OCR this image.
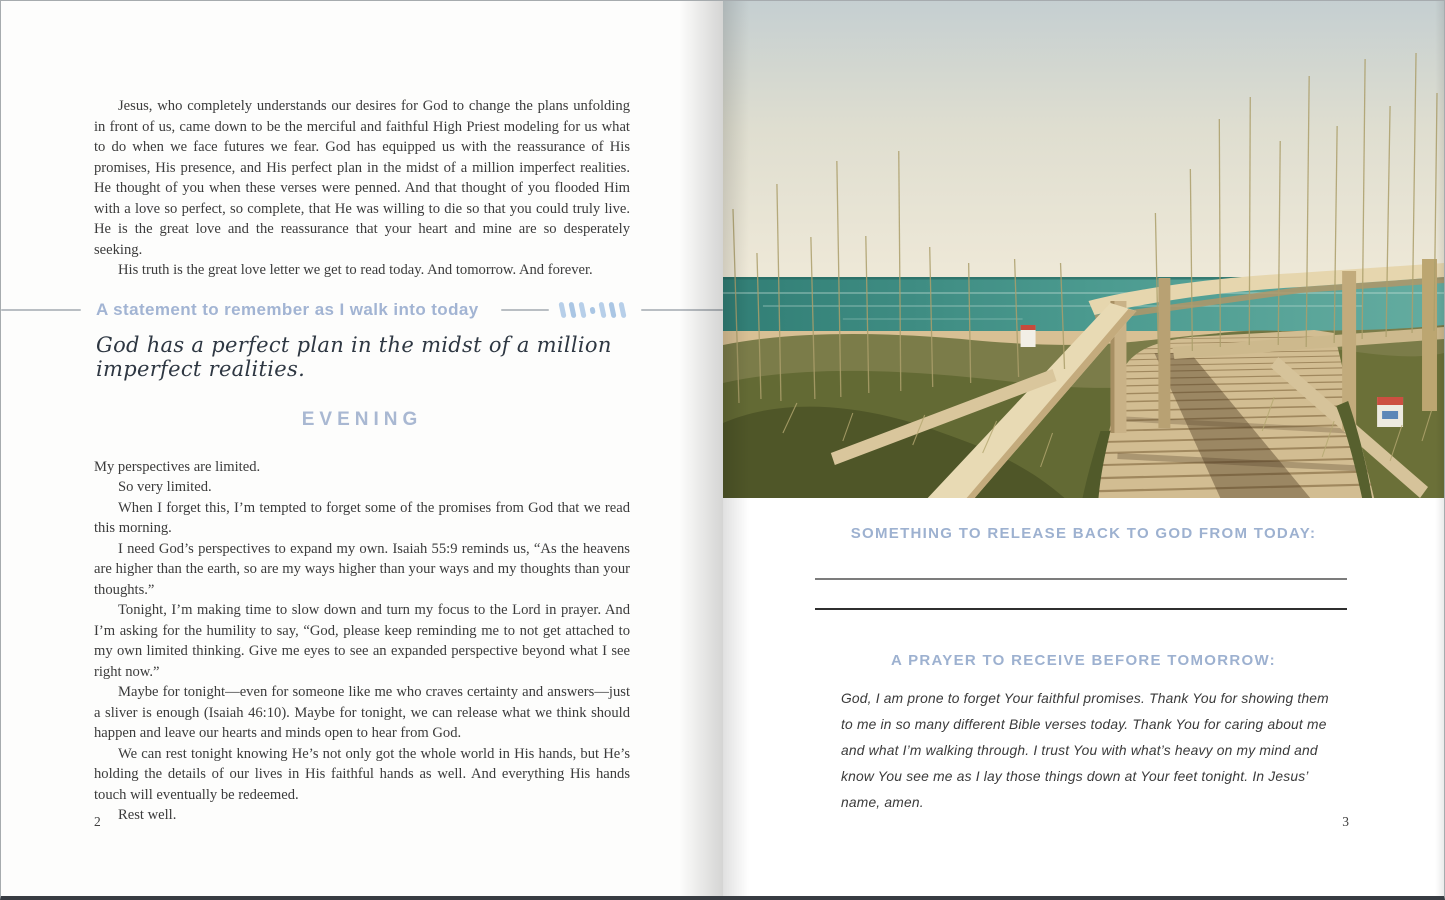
Jesus, who completely understands our desires for God to change the plans unfolding in front of us, came down to be the merciful and faithful High Priest modeling for us what to do when we face futures we fear. God has equipped us with the reassurance of His promises, His presence, and His perfect plan in the midst of a million imperfect realities. He thought of you when these verses were penned. And that thought of you flooded Him with a love so perfect, so complete, that He was willing to die so that you could truly live. He is the great love and the reassurance that your heart and mine are so desperately seeking.

His truth is the great love letter we get to read today. And tomorrow. And forever.

A statement to remember as I walk into today

God has a perfect plan in the midst of a million imperfect realities.

EVENING

My perspectives are limited.

So very limited.

When I forget this, I’m tempted to forget some of the promises from God that we read this morning.

I need God’s perspectives to expand my own. Isaiah 55:9 reminds us, “As the heavens are higher than the earth, so are my ways higher than your ways and my thoughts than your thoughts.”

Tonight, I’m making time to slow down and turn my focus to the Lord in prayer. And I’m asking for the humility to say, “God, please keep reminding me to not get attached to my own limited thinking. Give me eyes to see an expanded perspective beyond what I see right now.”

Maybe for tonight—even for someone like me who craves certainty and answers—just a sliver is enough (Isaiah 46:10). Maybe for tonight, we can release what we think should happen and leave our hearts and minds open to hear from God.

We can rest tonight knowing He’s not only got the whole world in His hands, but He’s holding the details of our lives in His faithful hands as well. And everything His hands touch will eventually be redeemed.

Rest well.

2
SOMETHING TO RELEASE BACK TO GOD FROM TODAY:
A PRAYER TO RECEIVE BEFORE TOMORROW:

God, I am prone to forget Your faithful promises. Thank You for showing them to me in so many different Bible verses today. Thank You for caring about me and what I’m walking through. I trust You with what’s heavy on my mind and know You see me as I lay those things down at Your feet tonight. In Jesus’ name, amen.

3
